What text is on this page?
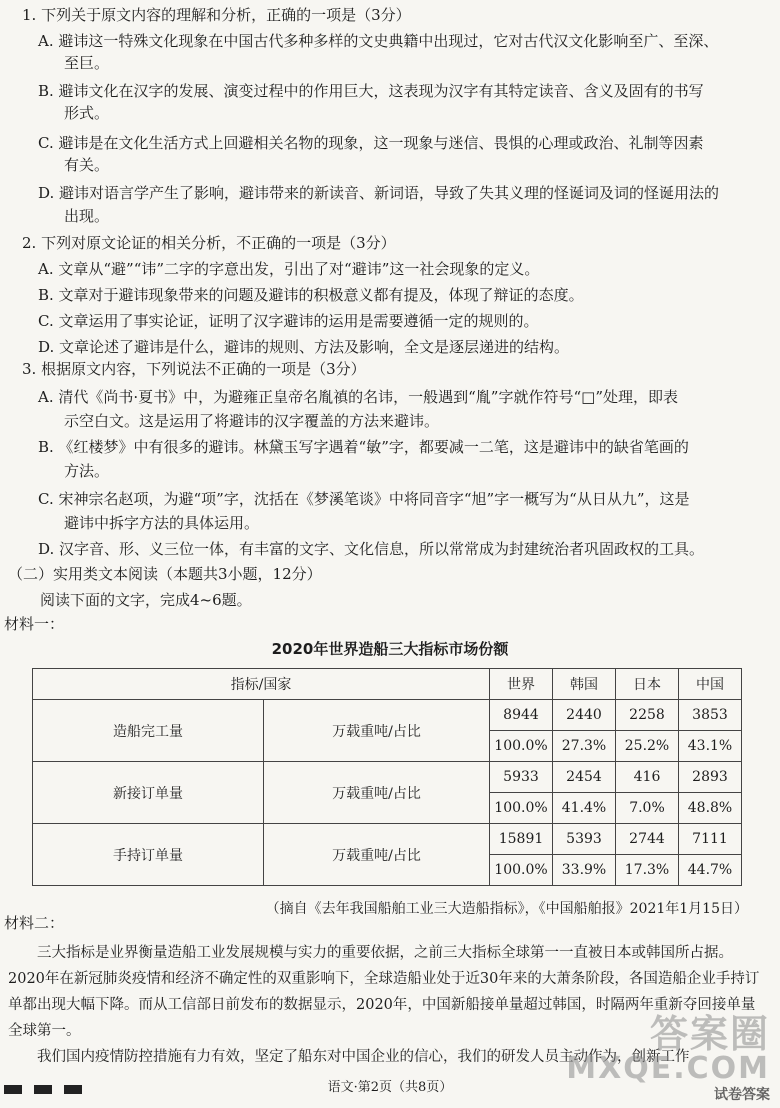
1. 下列关于原文内容的理解和分析，正确的一项是（3分）
A. 避讳这一特殊文化现象在中国古代多种多样的文史典籍中出现过，它对古代汉文化影响至广、至深、
至巨。
B. 避讳文化在汉字的发展、演变过程中的作用巨大，这表现为汉字有其特定读音、含义及固有的书写
形式。
C. 避讳是在文化生活方式上回避相关名物的现象，这一现象与迷信、畏惧的心理或政治、礼制等因素
有关。
D. 避讳对语言学产生了影响，避讳带来的新读音、新词语，导致了失其义理的怪诞词及词的怪诞用法的
出现。
2. 下列对原文论证的相关分析，不正确的一项是（3分）
A. 文章从“避”“讳”二字的字意出发，引出了对“避讳”这一社会现象的定义。
B. 文章对于避讳现象带来的问题及避讳的积极意义都有提及，体现了辩证的态度。
C. 文章运用了事实论证，证明了汉字避讳的运用是需要遵循一定的规则的。
D. 文章论述了避讳是什么，避讳的规则、方法及影响，全文是逐层递进的结构。
3. 根据原文内容，下列说法不正确的一项是（3分）
A. 清代《尚书·夏书》中，为避雍正皇帝名胤禛的名讳，一般遇到“胤”字就作符号“□”处理，即表
示空白文。这是运用了将避讳的汉字覆盖的方法来避讳。
B. 《红楼梦》中有很多的避讳。林黛玉写字遇着“敏”字，都要减一二笔，这是避讳中的缺省笔画的
方法。
C. 宋神宗名赵项，为避“项”字，沈括在《梦溪笔谈》中将同音字“旭”字一概写为“从日从九”，这是
避讳中拆字方法的具体运用。
D. 汉字音、形、义三位一体，有丰富的文字、文化信息，所以常常成为封建统治者巩固政权的工具。
（二）实用类文本阅读（本题共3小题，12分）
阅读下面的文字，完成4~6题。
材料一：
2020年世界造船三大指标市场份额
指标/国家		世界	韩国	日本	中国
造船完工量	万载重吨/占比	8944	2440	2258	3853
		100.0%	27.3%	25.2%	43.1%
新接订单量	万载重吨/占比	5933	2454	416	2893
		100.0%	41.4%	7.0%	48.8%
手持订单量	万载重吨/占比	15891	5393	2744	7111
		100.0%	33.9%	17.3%	44.7%
（摘自《去年我国船舶工业三大造船指标》，《中国船舶报》2021年1月15日）
材料二：

三大指标是业界衡量造船工业发展规模与实力的重要依据，之前三大指标全球第一一直被日本或韩国所占据。2020年在新冠肺炎疫情和经济不确定性的双重影响下，全球造船业处于近30年来的大萧条阶段，各国造船企业手持订单都出现大幅下降。而从工信部日前发布的数据显示，2020年，中国新船接单量超过韩国，时隔两年重新夺回接单量全球第一。

我们国内疫情防控措施有力有效，坚定了船东对中国企业的信心，我们的研发人员主动作为，创新工作

语文·第2页（共8页）
答案圈
MXQE.COM
试卷答案
